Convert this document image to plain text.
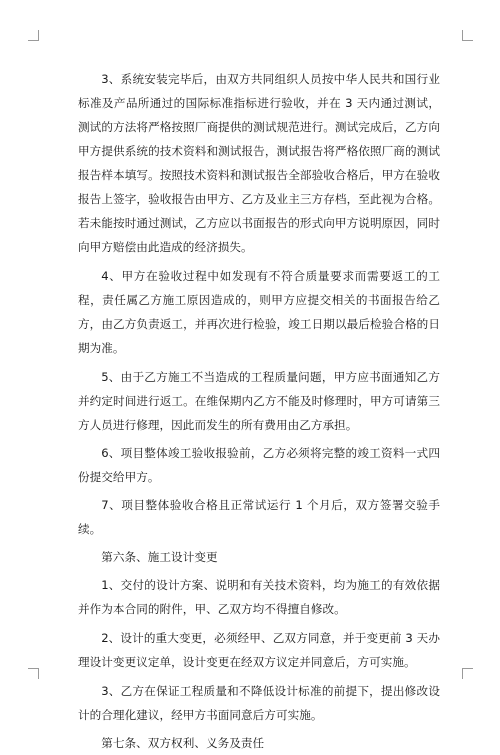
3、系统安装完毕后，由双方共同组织人员按中华人民共和国行业标准及产品所通过的国际标准指标进行验收，并在 3 天内通过测试，测试的方法将严格按照厂商提供的测试规范进行。测试完成后，乙方向甲方提供系统的技术资料和测试报告，测试报告将严格依照厂商的测试报告样本填写。按照技术资料和测试报告全部验收合格后，甲方在验收报告上签字，验收报告由甲方、乙方及业主三方存档，至此视为合格。若未能按时通过测试，乙方应以书面报告的形式向甲方说明原因，同时向甲方赔偿由此造成的经济损失。

4、甲方在验收过程中如发现有不符合质量要求而需要返工的工程，责任属乙方施工原因造成的，则甲方应提交相关的书面报告给乙方，由乙方负责返工，并再次进行检验，竣工日期以最后检验合格的日期为准。

5、由于乙方施工不当造成的工程质量问题，甲方应书面通知乙方并约定时间进行返工。在维保期内乙方不能及时修理时，甲方可请第三方人员进行修理，因此而发生的所有费用由乙方承担。

6、项目整体竣工验收报验前，乙方必须将完整的竣工资料一式四份提交给甲方。

7、项目整体验收合格且正常试运行 1 个月后，双方签署交验手续。

第六条、施工设计变更

1、交付的设计方案、说明和有关技术资料，均为施工的有效依据并作为本合同的附件，甲、乙双方均不得擅自修改。

2、设计的重大变更，必须经甲、乙双方同意，并于变更前 3 天办理设计变更议定单，设计变更在经双方议定并同意后，方可实施。

3、乙方在保证工程质量和不降低设计标准的前提下，提出修改设计的合理化建议，经甲方书面同意后方可实施。

第七条、双方权利、义务及责任
